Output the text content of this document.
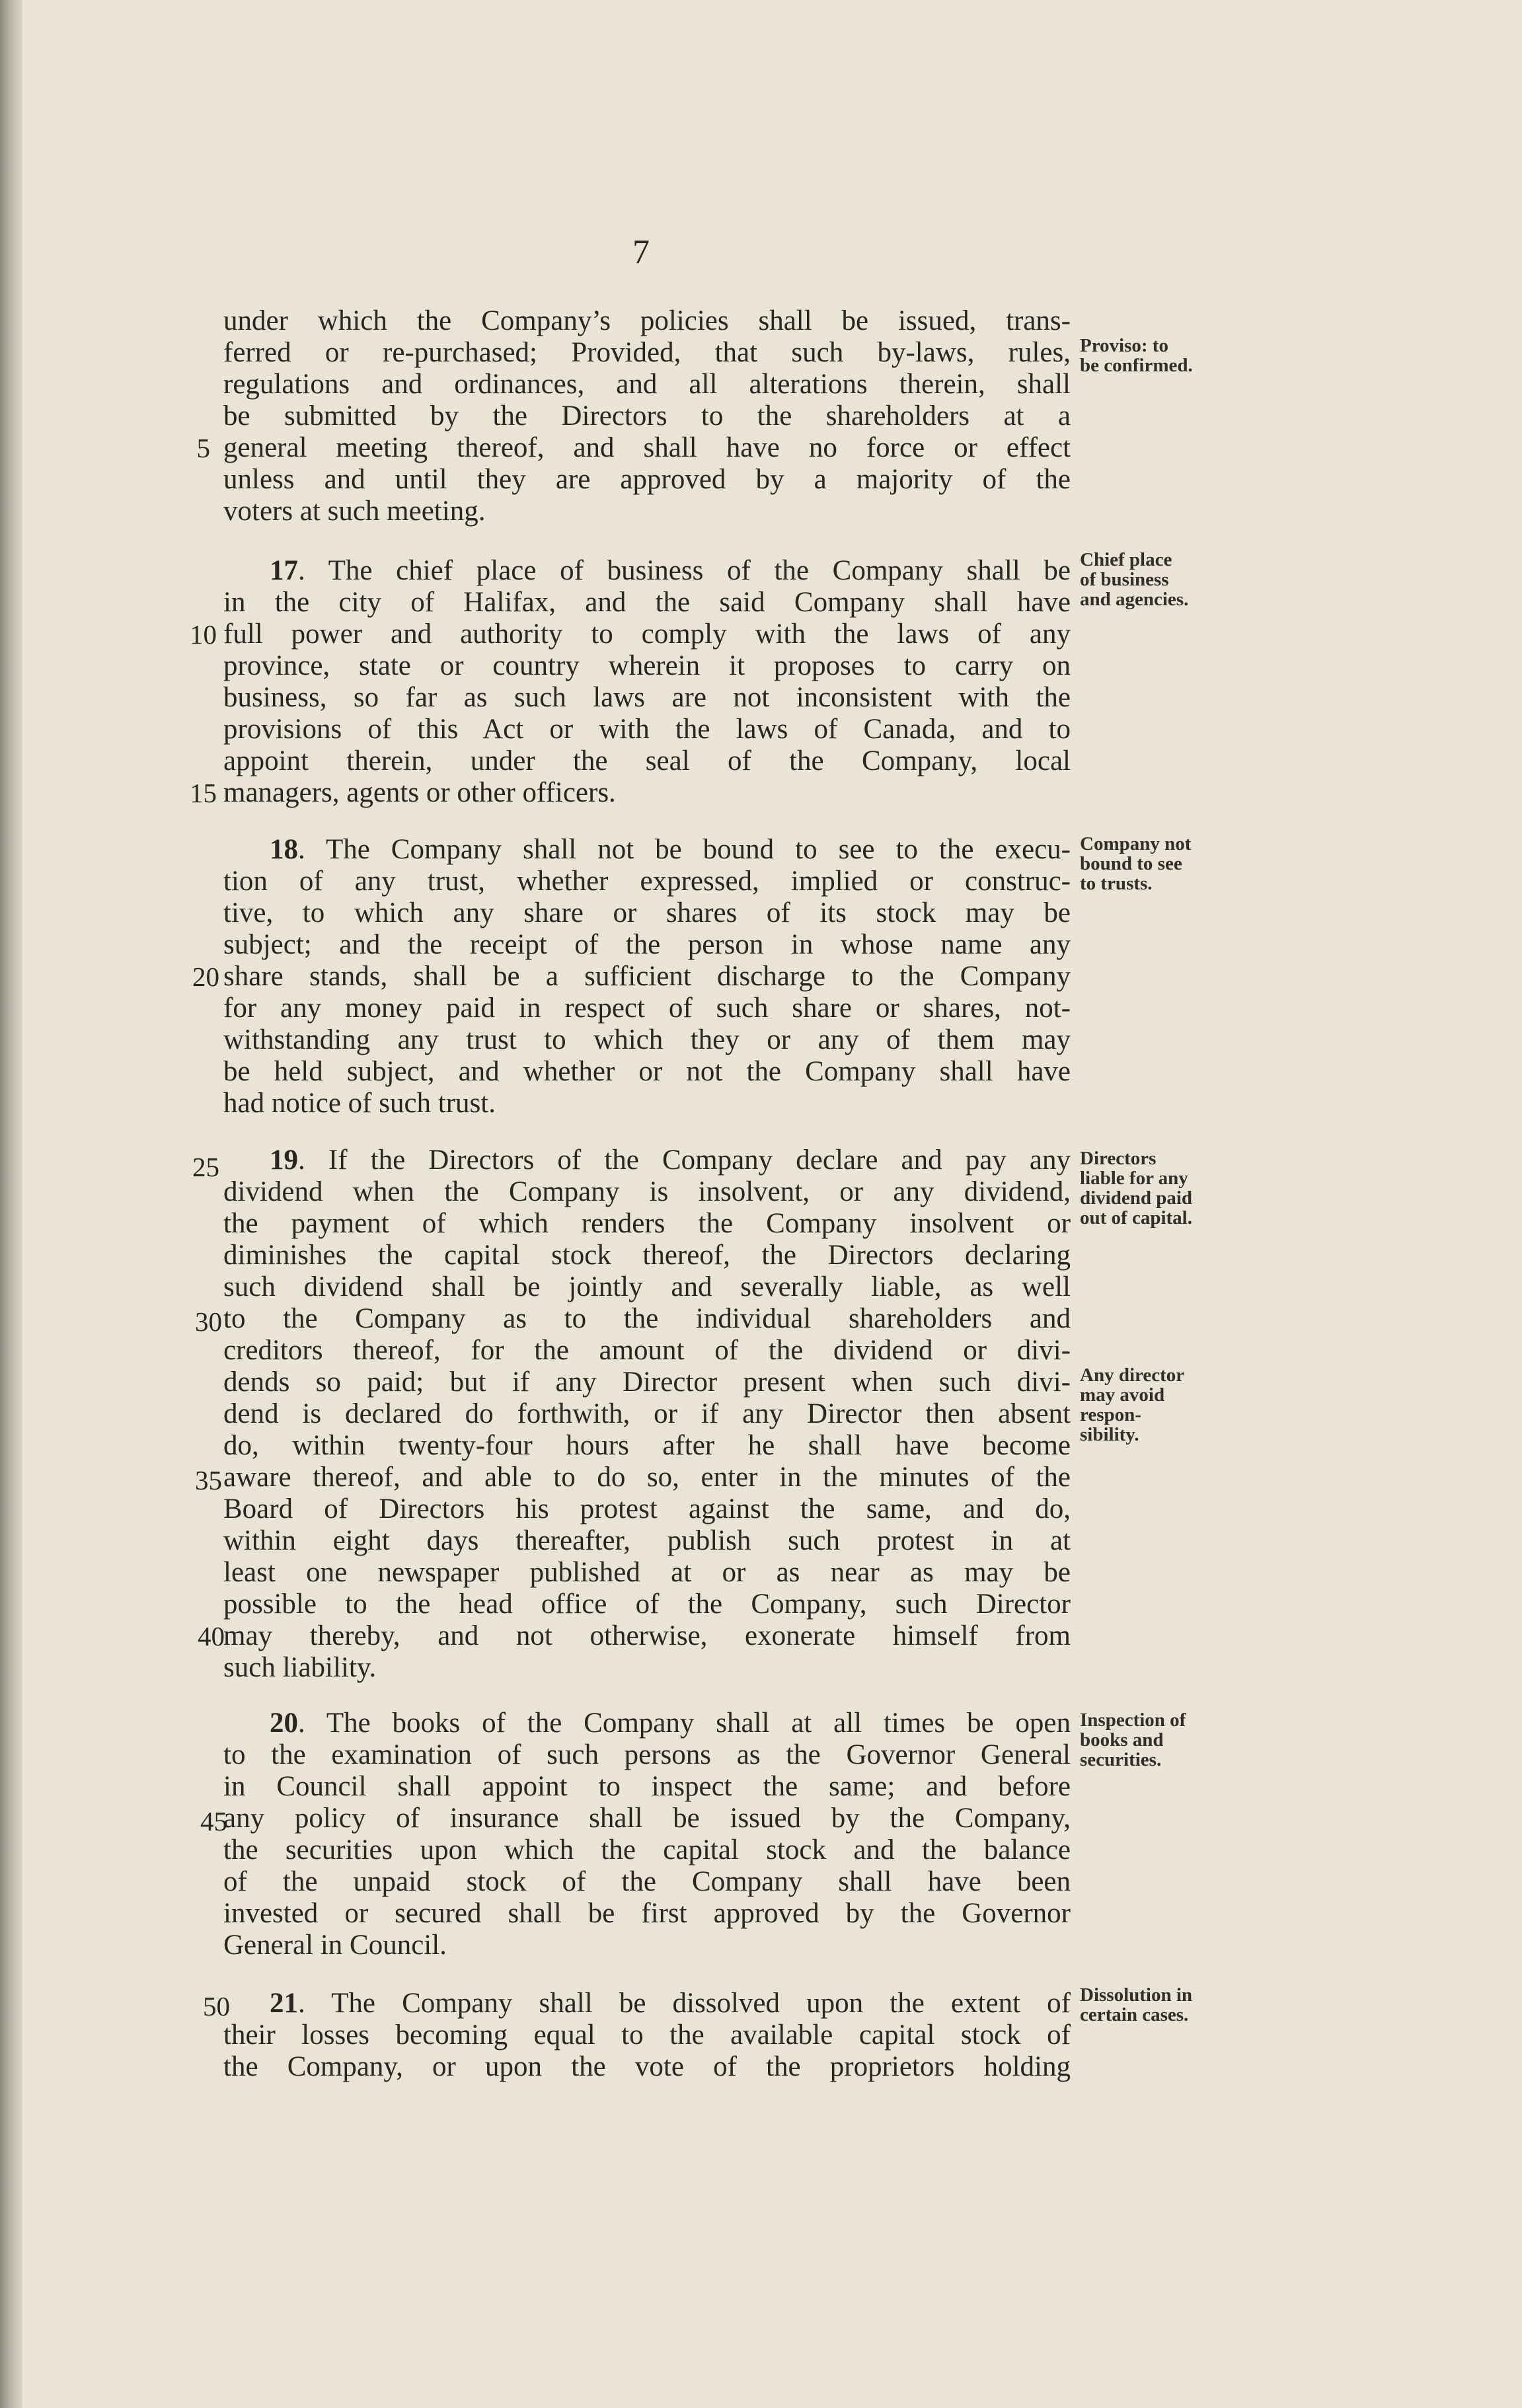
7
under which the Company’s policies shall be issued, trans-
ferred or re-purchased; Provided, that such by-laws, rules,
regulations and ordinances, and all alterations therein, shall
be submitted by the Directors to the shareholders at a
general meeting thereof, and shall have no force or effect
unless and until they are approved by a majority of the
voters at such meeting.
Proviso: to
be confirmed.
17. The chief place of business of the Company shall be
in the city of Halifax, and the said Company shall have
full power and authority to comply with the laws of any
province, state or country wherein it proposes to carry on
business, so far as such laws are not inconsistent with the
provisions of this Act or with the laws of Canada, and to
appoint therein, under the seal of the Company, local
managers, agents or other officers.
Chief place
of business
and agencies.
18. The Company shall not be bound to see to the execu-
tion of any trust, whether expressed, implied or construc-
tive, to which any share or shares of its stock may be
subject; and the receipt of the person in whose name any
share stands, shall be a sufficient discharge to the Company
for any money paid in respect of such share or shares, not-
withstanding any trust to which they or any of them may
be held subject, and whether or not the Company shall have
had notice of such trust.
Company not
bound to see
to trusts.
19. If the Directors of the Company declare and pay any
dividend when the Company is insolvent, or any dividend,
the payment of which renders the Company insolvent or
diminishes the capital stock thereof, the Directors declaring
such dividend shall be jointly and severally liable, as well
to the Company as to the individual shareholders and
creditors thereof, for the amount of the dividend or divi-
dends so paid; but if any Director present when such divi-
dend is declared do forthwith, or if any Director then absent
do, within twenty-four hours after he shall have become
aware thereof, and able to do so, enter in the minutes of the
Board of Directors his protest against the same, and do,
within eight days thereafter, publish such protest in at
least one newspaper published at or as near as may be
possible to the head office of the Company, such Director
may thereby, and not otherwise, exonerate himself from
such liability.
Directors
liable for any
dividend paid
out of capital.
Any director
may avoid
respon-
sibility.
20. The books of the Company shall at all times be open
to the examination of such persons as the Governor General
in Council shall appoint to inspect the same; and before
any policy of insurance shall be issued by the Company,
the securities upon which the capital stock and the balance
of the unpaid stock of the Company shall have been
invested or secured shall be first approved by the Governor
General in Council.
Inspection of
books and
securities.
21. The Company shall be dissolved upon the extent of
their losses becoming equal to the available capital stock of
the Company, or upon the vote of the proprietors holding
Dissolution in
certain cases.
5
10
15
20
25
30
35
40
45
50
